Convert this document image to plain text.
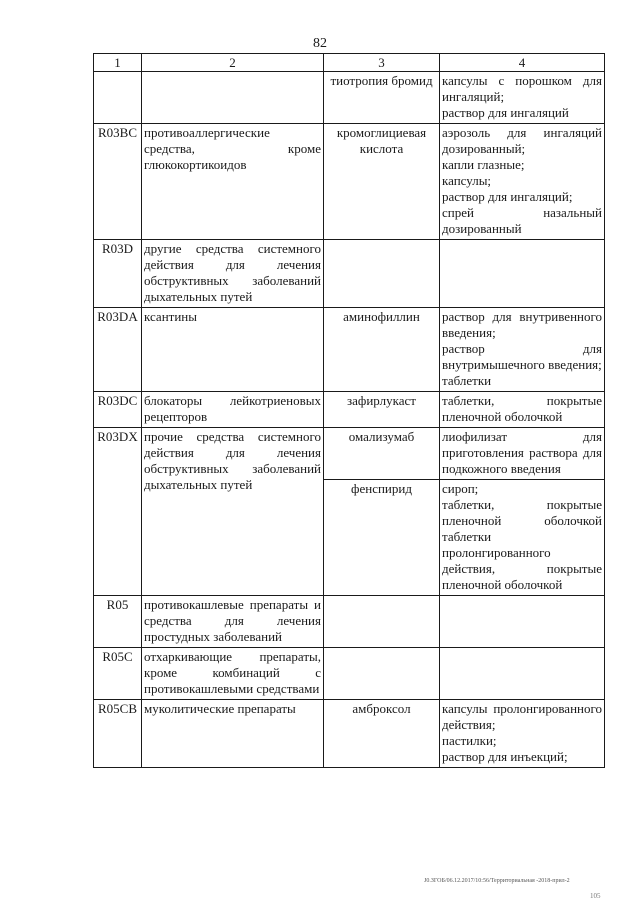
82
1	2	3	4
		тиотропия бромид	капсулы с порошком для ингаляций;
раствор для ингаляций

R03BC	противоаллергические средства, кроме глюкокортикоидов	кромоглициевая кислота	аэрозоль для ингаляций дозированный;
капли глазные;
капсулы;
раствор для ингаляций;
спрей назальный дозированный

R03D	другие средства системного действия для лечения обструктивных заболеваний дыхательных путей		
R03DA	ксантины	аминофиллин	раствор для внутривенного введения;
раствор для внутримышечного введения;
таблетки

R03DC	блокаторы лейкотриеновых рецепторов	зафирлукаст	таблетки, покрытые пленочной оболочкой

R03DX	прочие средства системного действия для лечения обструктивных заболеваний дыхательных путей	омализумаб	лиофилизат для приготовления раствора для подкожного введения

		фенспирид	сироп;
таблетки, покрытые пленочной оболочкой таблетки пролонгированного действия, покрытые пленочной оболочкой

R05	противокашлевые препараты и средства для лечения простудных заболеваний		
R05C	отхаркивающие препараты, кроме комбинаций с противокашлевыми средствами		
R05CB	муколитические препараты	амброксол	капсулы пролонгированного действия;
пастилки;
раствор для инъекций;
J0.ЗГОБ/06.12.2017/10:56/Территориальная -2018-прил-2
105
